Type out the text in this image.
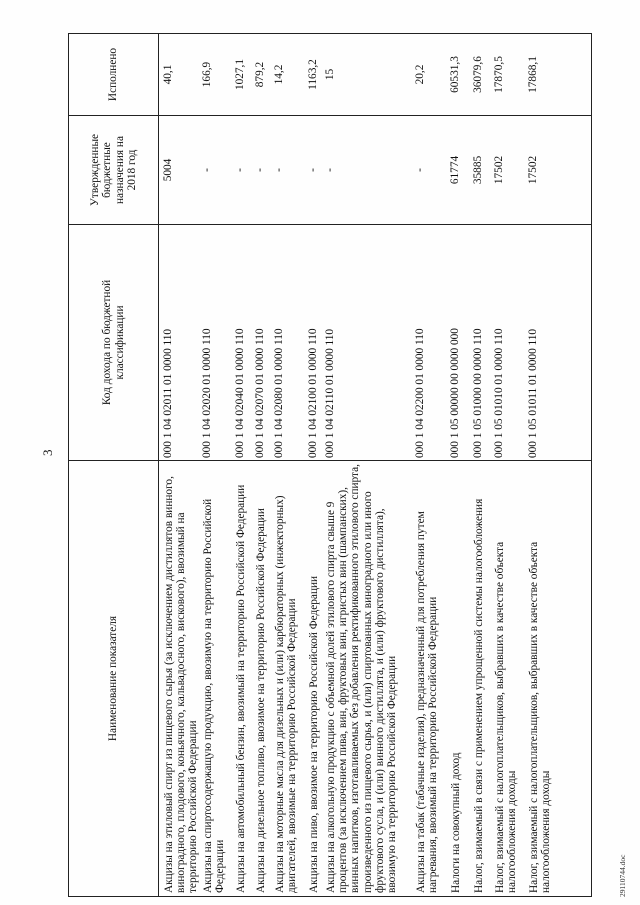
3
Наименование показателя
Код дохода по бюджетной классификации
Утвержденные бюджетные назначения на 2018 год
Исполнено
Акцизы на этиловый спирт из пищевого сырья (за исключением дистиллятов винного, виноградного, плодового, коньячного, кальвадосного, вискового), ввозимый на территорию Российской Федерации
000 1 04 02011 01 0000 110
5004
40,1
Акцизы на спиртосодержащую продукцию, ввозимую на территорию Российской Федерации
000 1 04 02020 01 0000 110
-
166,9
Акцизы на автомобильный бензин, ввозимый на территорию Российской Федерации
000 1 04 02040 01 0000 110
-
1027,1
Акцизы на дизельное топливо, ввозимое на территорию Российской Федерации
000 1 04 02070 01 0000 110
-
879,2
Акцизы на моторные масла для дизельных и (или) карбюраторных (инжекторных) двигателей, ввозимые на территорию Российской Федерации
000 1 04 02080 01 0000 110
-
14,2
Акцизы на пиво, ввозимое на территорию Российской Федерации
000 1 04 02100 01 0000 110
-
1163,2
Акцизы на алкогольную продукцию с объемной долей этилового спирта свыше 9 процентов (за исключением пива, вин, фруктовых вин, игристых вин (шампанских), винных напитков, изготавливаемых без добавления ректификованного этилового спирта, произведенного из пищевого сырья, и (или) спиртованных виноградного или иного фруктового сусла, и (или) винного дистиллята, и (или) фруктового дистиллята), ввозимую на территорию Российской Федерации
000 1 04 02110 01 0000 110
-
15
Акцизы на табак (табачные изделия), предназначенный для потребления путем нагревания, ввозимый на территорию Российской Федерации
000 1 04 02200 01 0000 110
-
20,2
Налоги на совокупный доход
000 1 05 00000 00 0000 000
61774
60531,3
Налог, взимаемый в связи с применением упрощенной системы налогообложения
000 1 05 01000 00 0000 110
35885
36079,6
Налог, взимаемый с налогоплательщиков, выбравших в качестве объекта налогообложения доходы
000 1 05 01010 01 0000 110
17502
17870,5
Налог, взимаемый с налогоплательщиков, выбравших в качестве объекта налогообложения доходы
000 1 05 01011 01 0000 110
17502
17868,1
29110744.doc
